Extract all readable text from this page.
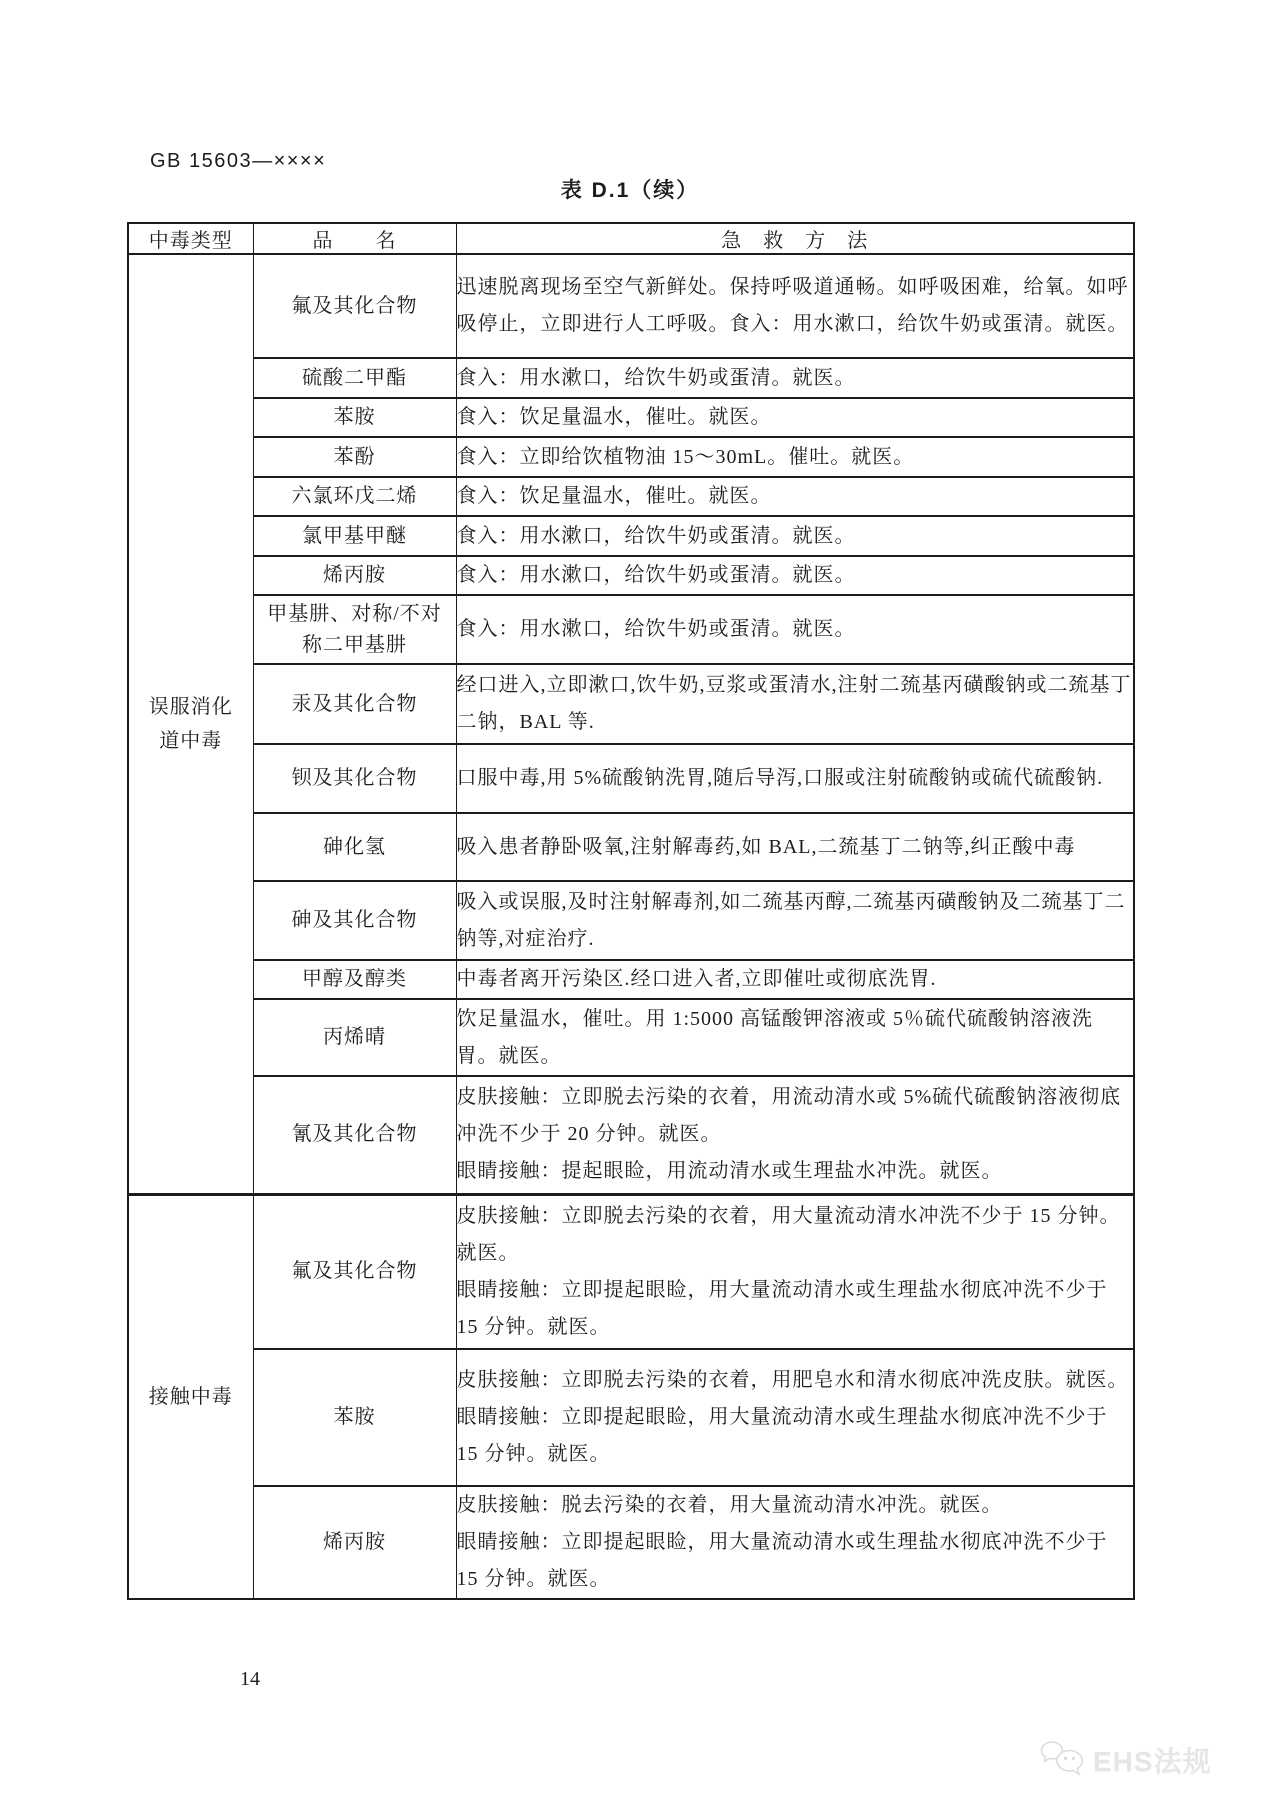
GB 15603—××××
表 D.1（续）
中毒类型	品　　名	急　救　方　法

误服消化道中毒	氟及其化合物	迅速脱离现场至空气新鲜处。保持呼吸道通畅。如呼吸困难，给氧。如呼吸停止，立即进行人工呼吸。食入：用水漱口，给饮牛奶或蛋清。就医。

	硫酸二甲酯	食入：用水漱口，给饮牛奶或蛋清。就医。

	苯胺	食入：饮足量温水，催吐。就医。

	苯酚	食入：立即给饮植物油 15～30mL。催吐。就医。

	六氯环戊二烯	食入：饮足量温水，催吐。就医。

	氯甲基甲醚	食入：用水漱口，给饮牛奶或蛋清。就医。

	烯丙胺	食入：用水漱口，给饮牛奶或蛋清。就医。

	甲基肼、对称/不对称二甲基肼	食入：用水漱口，给饮牛奶或蛋清。就医。

	汞及其化合物	经口进入,立即漱口,饮牛奶,豆浆或蛋清水,注射二巯基丙磺酸钠或二巯基丁二钠，BAL 等.

	钡及其化合物	口服中毒,用 5%硫酸钠洗胃,随后导泻,口服或注射硫酸钠或硫代硫酸钠.

	砷化氢	吸入患者静卧吸氧,注射解毒药,如 BAL,二巯基丁二钠等,纠正酸中毒

	砷及其化合物	吸入或误服,及时注射解毒剂,如二巯基丙醇,二巯基丙磺酸钠及二巯基丁二钠等,对症治疗.

	甲醇及醇类	中毒者离开污染区.经口进入者,立即催吐或彻底洗胃.

	丙烯晴	饮足量温水，催吐。用 1:5000 高锰酸钾溶液或 5％硫代硫酸钠溶液洗胃。就医。

	氰及其化合物	皮肤接触：立即脱去污染的衣着，用流动清水或 5%硫代硫酸钠溶液彻底冲洗不少于 20 分钟。就医。
眼睛接触：提起眼睑，用流动清水或生理盐水冲洗。就医。

接触中毒	氟及其化合物	皮肤接触：立即脱去污染的衣着，用大量流动清水冲洗不少于 15 分钟。就医。
眼睛接触：立即提起眼睑，用大量流动清水或生理盐水彻底冲洗不少于 15 分钟。就医。

	苯胺	皮肤接触：立即脱去污染的衣着，用肥皂水和清水彻底冲洗皮肤。就医。
眼睛接触：立即提起眼睑，用大量流动清水或生理盐水彻底冲洗不少于 15 分钟。就医。

	烯丙胺	皮肤接触：脱去污染的衣着，用大量流动清水冲洗。就医。
眼睛接触：立即提起眼睑，用大量流动清水或生理盐水彻底冲洗不少于 15 分钟。就医。
14
EHS法规
